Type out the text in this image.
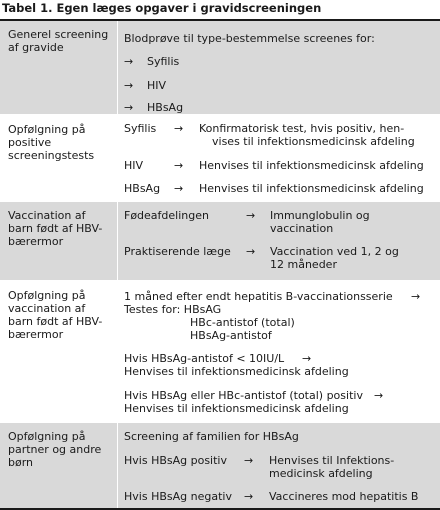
Tabel 1. Egen læges opgaver i gravidscreeningen
Generel screening af gravide
Blodprøve til type-bestemmelse screenes for:
→ Syfilis
→ HIV
→ HBsAg
Opfølgning på positive screeningstests
Syfilis → Konfirmatorisk test, hvis positiv, hen-
vises til infektionsmedicinsk afdeling
HIV	→ Henvises til infektionsmedicinsk afdeling
HBsAg → Henvises til infektionsmedicinsk afdeling
Vaccination af barn født af HBV-bærermor
Fødeafdelingen	→ Immunglobulin og
vaccination
Praktiserende læge → Vaccination ved 1, 2 og
12 måneder
Opfølgning på vaccination af barn født af HBV-bærermor
1 måned efter endt hepatitis B-vaccinationsserie →
Testes for: HBsAG
HBc-antistof (total)
HBsAg-antistof
Hvis HBsAg-antistof < 10IU/L →
Henvises til infektionsmedicinsk afdeling
Hvis HBsAg eller HBc-antistof (total) positiv →
Henvises til infektionsmedicinsk afdeling
Opfølgning på partner og andre børn
Screening af familien for HBsAg
Hvis HBsAg positiv → Henvises til Infektions-
medicinsk afdeling
Hvis HBsAg negativ → Vaccineres mod hepatitis B
